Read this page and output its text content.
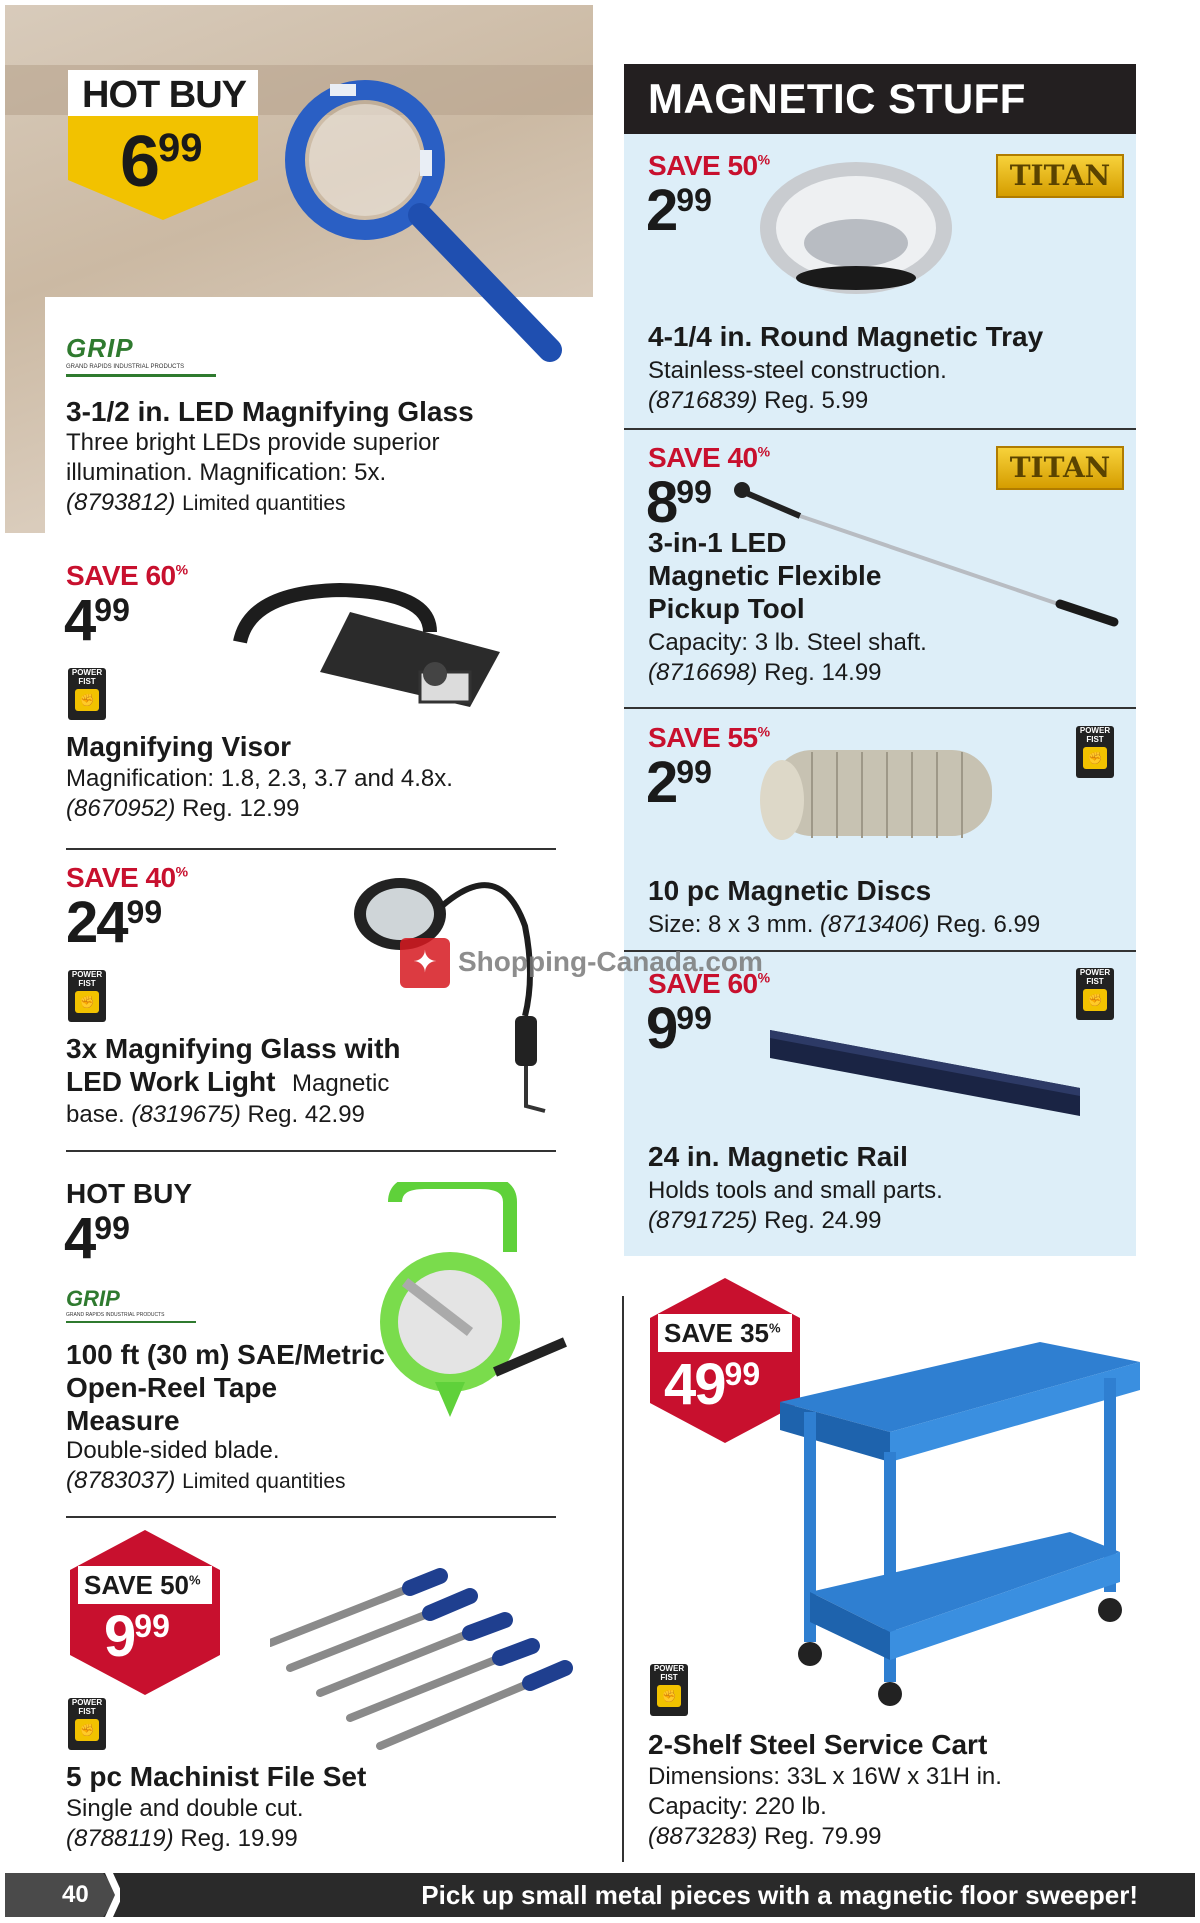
HOT BUY
$6^{99}$
GRIP
GRAND RAPIDS INDUSTRIAL PRODUCTS
3-1/2 in. LED Magnifying Glass
Three bright LEDs provide superior illumination. Magnification: 5x.
(8793812) Limited quantities
SAVE 60%
$4^{99}$
POWER FIST
✊
Magnifying Visor
Magnification: 1.8, 2.3, 3.7 and 4.8x.
(8670952) Reg. 12.99
SAVE 40%
$24^{99}$
POWER FIST
✊
3x Magnifying Glass with LED Work Light Magnetic
base. (8319675) Reg. 42.99
HOT BUY
$4^{99}$
GRIP
GRAND RAPIDS INDUSTRIAL PRODUCTS
100 ft (30 m) SAE/Metric Open-Reel Tape Measure
Double-sided blade.
(8783037) Limited quantities
SAVE 50%
$9^{99}$
POWER FIST
✊
5 pc Machinist File Set
Single and double cut.
(8788119) Reg. 19.99
MAGNETIC STUFF
SAVE 50%
$2^{99}$
TITAN
4-1/4 in. Round Magnetic Tray
Stainless-steel construction.
(8716839) Reg. 5.99
SAVE 40%
$8^{99}$
TITAN
3-in-1 LED Magnetic Flexible Pickup Tool
Capacity: 3 lb. Steel shaft.
(8716698) Reg. 14.99
SAVE 55%
$2^{99}$
POWER FIST
✊
10 pc Magnetic Discs
Size: 8 x 3 mm. (8713406) Reg. 6.99
SAVE 60%
$9^{99}$
POWER FIST
✊
24 in. Magnetic Rail
Holds tools and small parts.
(8791725) Reg. 24.99
SAVE 35%
$49^{99}$
POWER FIST
✊
2-Shelf Steel Service Cart
Dimensions: 33L x 16W x 31H in.
Capacity: 220 lb.
(8873283) Reg. 79.99
✦ Shopping-Canada.com
40	Pick up small metal pieces with a magnetic floor sweeper!
